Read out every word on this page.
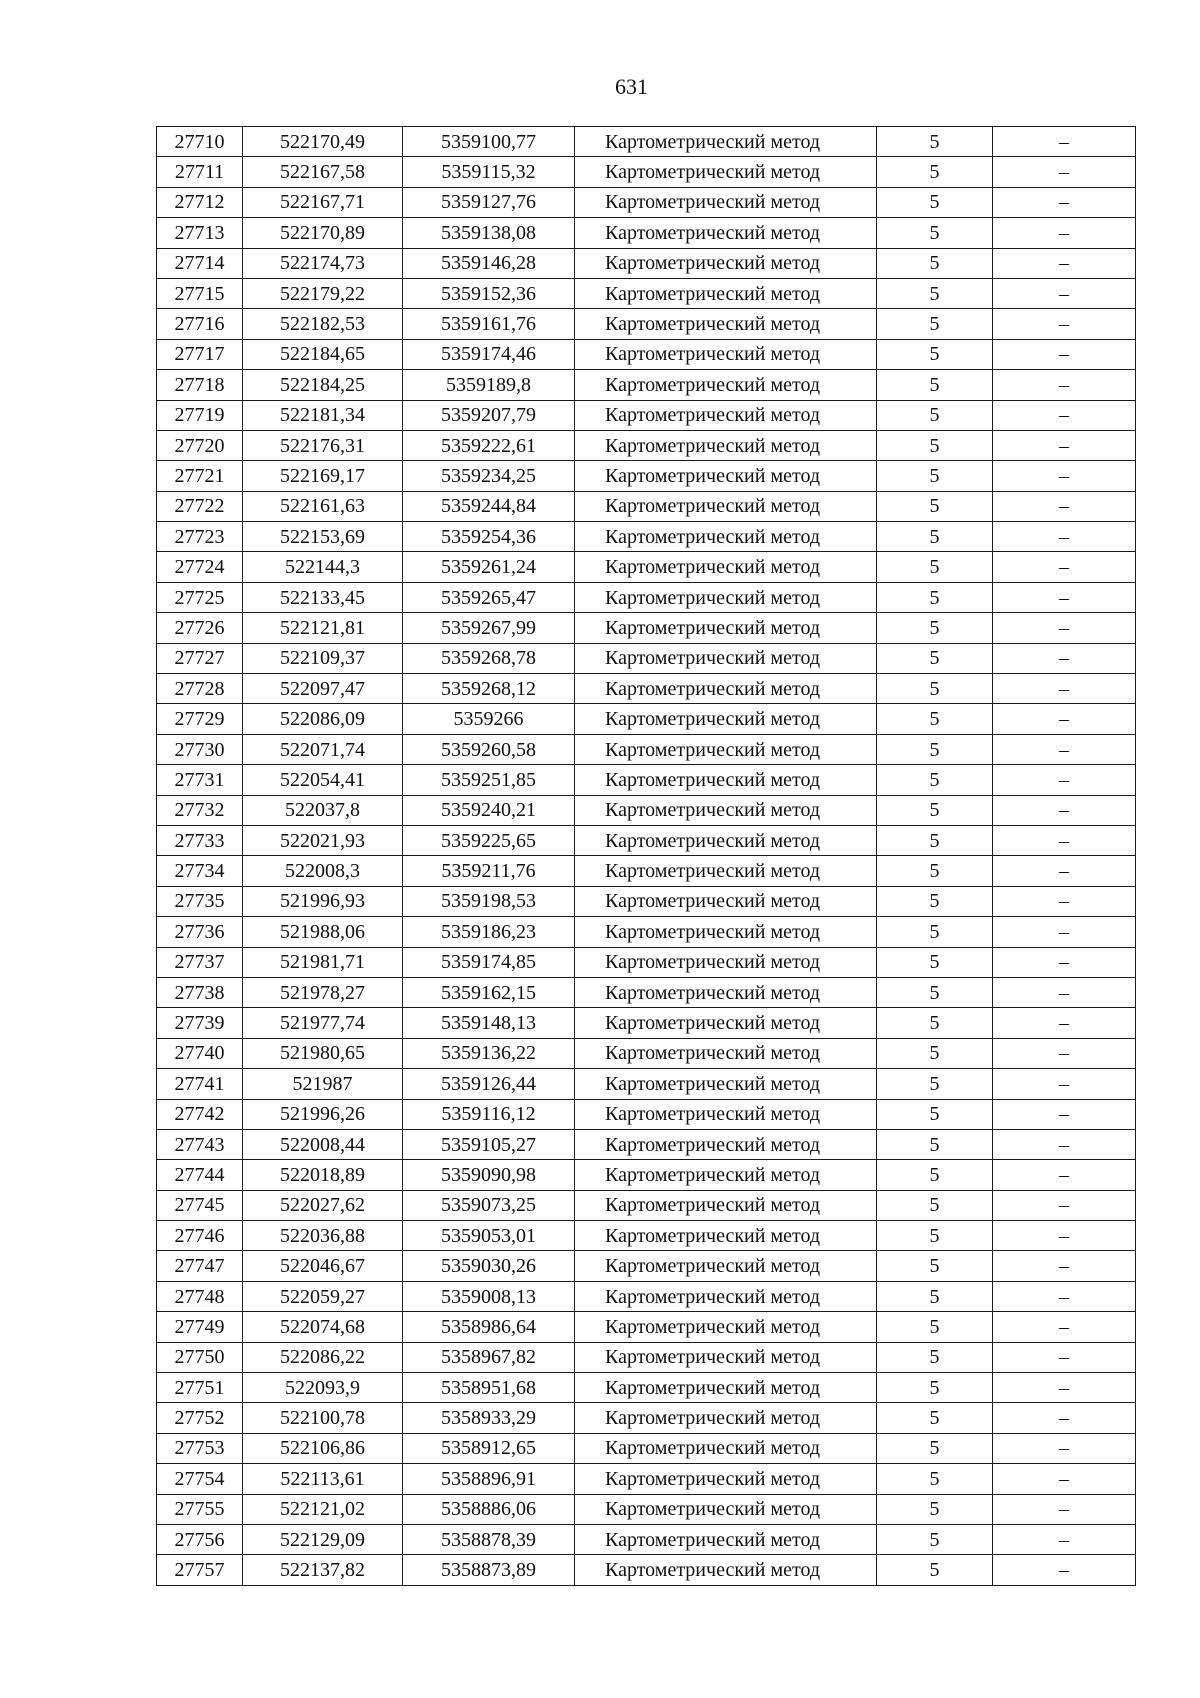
631
27710	522170,49	5359100,77	Картометрический метод	5	–
27711	522167,58	5359115,32	Картометрический метод	5	–
27712	522167,71	5359127,76	Картометрический метод	5	–
27713	522170,89	5359138,08	Картометрический метод	5	–
27714	522174,73	5359146,28	Картометрический метод	5	–
27715	522179,22	5359152,36	Картометрический метод	5	–
27716	522182,53	5359161,76	Картометрический метод	5	–
27717	522184,65	5359174,46	Картометрический метод	5	–
27718	522184,25	5359189,8	Картометрический метод	5	–
27719	522181,34	5359207,79	Картометрический метод	5	–
27720	522176,31	5359222,61	Картометрический метод	5	–
27721	522169,17	5359234,25	Картометрический метод	5	–
27722	522161,63	5359244,84	Картометрический метод	5	–
27723	522153,69	5359254,36	Картометрический метод	5	–
27724	522144,3	5359261,24	Картометрический метод	5	–
27725	522133,45	5359265,47	Картометрический метод	5	–
27726	522121,81	5359267,99	Картометрический метод	5	–
27727	522109,37	5359268,78	Картометрический метод	5	–
27728	522097,47	5359268,12	Картометрический метод	5	–
27729	522086,09	5359266	Картометрический метод	5	–
27730	522071,74	5359260,58	Картометрический метод	5	–
27731	522054,41	5359251,85	Картометрический метод	5	–
27732	522037,8	5359240,21	Картометрический метод	5	–
27733	522021,93	5359225,65	Картометрический метод	5	–
27734	522008,3	5359211,76	Картометрический метод	5	–
27735	521996,93	5359198,53	Картометрический метод	5	–
27736	521988,06	5359186,23	Картометрический метод	5	–
27737	521981,71	5359174,85	Картометрический метод	5	–
27738	521978,27	5359162,15	Картометрический метод	5	–
27739	521977,74	5359148,13	Картометрический метод	5	–
27740	521980,65	5359136,22	Картометрический метод	5	–
27741	521987	5359126,44	Картометрический метод	5	–
27742	521996,26	5359116,12	Картометрический метод	5	–
27743	522008,44	5359105,27	Картометрический метод	5	–
27744	522018,89	5359090,98	Картометрический метод	5	–
27745	522027,62	5359073,25	Картометрический метод	5	–
27746	522036,88	5359053,01	Картометрический метод	5	–
27747	522046,67	5359030,26	Картометрический метод	5	–
27748	522059,27	5359008,13	Картометрический метод	5	–
27749	522074,68	5358986,64	Картометрический метод	5	–
27750	522086,22	5358967,82	Картометрический метод	5	–
27751	522093,9	5358951,68	Картометрический метод	5	–
27752	522100,78	5358933,29	Картометрический метод	5	–
27753	522106,86	5358912,65	Картометрический метод	5	–
27754	522113,61	5358896,91	Картометрический метод	5	–
27755	522121,02	5358886,06	Картометрический метод	5	–
27756	522129,09	5358878,39	Картометрический метод	5	–
27757	522137,82	5358873,89	Картометрический метод	5	–
